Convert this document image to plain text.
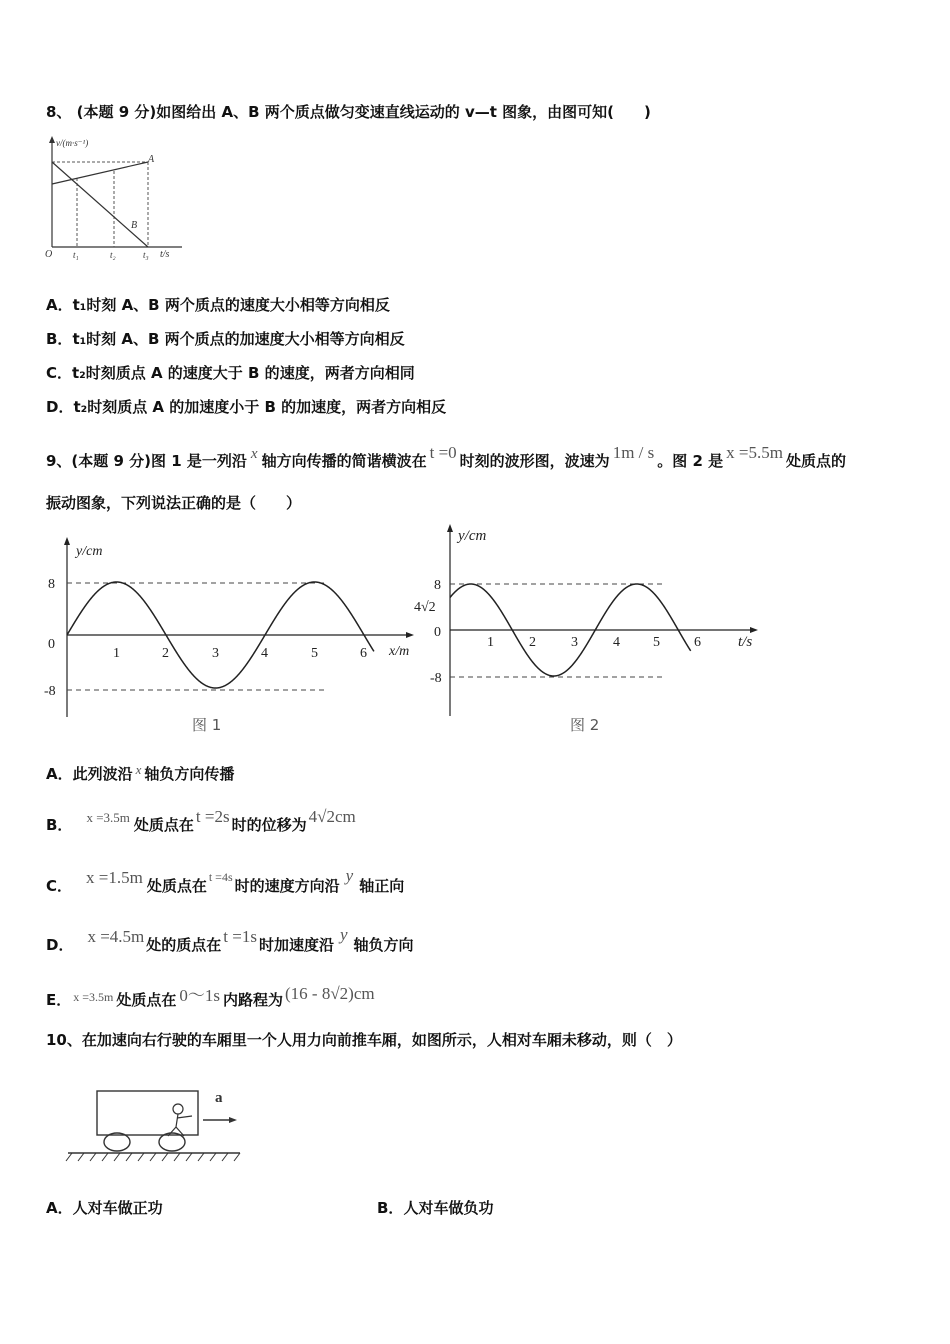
8、 (本题 9 分)如图给出 A、B 两个质点做匀变速直线运动的 v—t 图象，由图可知(　　)
v/(m·s⁻¹)
O	t/s
A
B
t₁	t₂	t₃
A．t₁时刻 A、B 两个质点的速度大小相等方向相反
B．t₁时刻 A、B 两个质点的加速度大小相等方向相反
C．t₂时刻质点 A 的速度大于 B 的速度，两者方向相同
D．t₂时刻质点 A 的加速度小于 B 的加速度，两者方向相反
9、(本题 9 分)图 1 是一列沿 x 轴方向传播的简谐横波在 t =0 时刻的波形图，波速为 1m / s 。图 2 是 x =5.5m 处质点的
振动图象，下列说法正确的是（　　）
y/cm
x/m
8
0
-8
1	2	3	4	5	6
图 1
y/cm
t/s
8
4√2
0
-8
1	2	3	4 5 6
图 2
A．此列波沿 x 轴负方向传播
B． x =3.5m 处质点在 t =2s 时的位移为 4√2cm
C． x =1.5m 处质点在 $^{t =4s}$ 时的速度方向沿y轴正向
D． x =4.5m 处的质点在 t =1s 时加速度沿y轴负方向
E． $^{x =3.5m}$ 处质点在 0～1s 内路程为 (16 - 8√2)cm
10、在加速向右行驶的车厢里一个人用力向前推车厢，如图所示，人相对车厢未移动，则（　）
a
A．人对车做正功	B．人对车做负功
